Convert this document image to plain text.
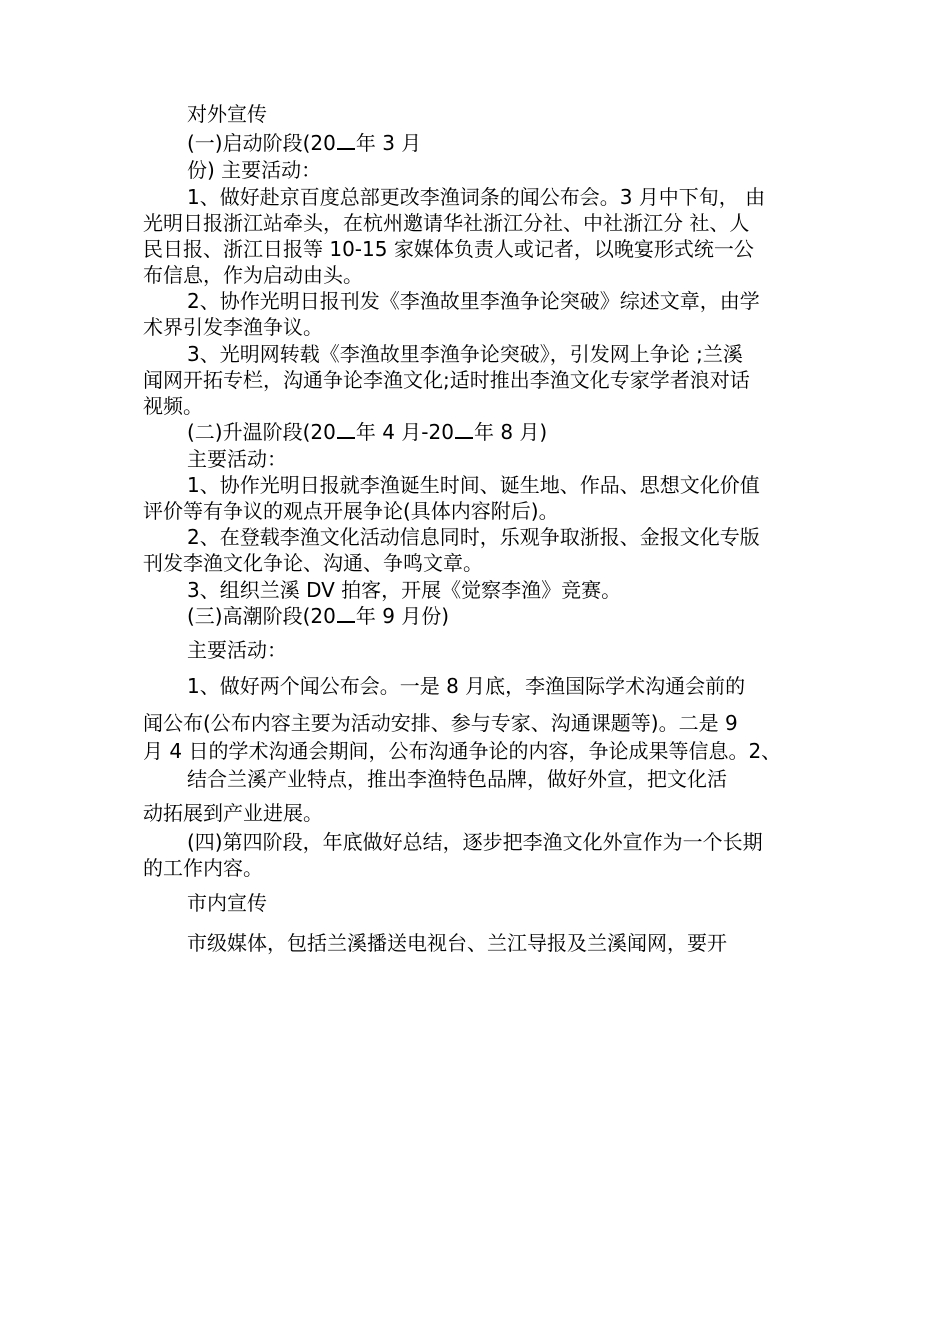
对外宣传
(一)启动阶段(20 年 3 月
份) 主要活动：
1、做好赴京百度总部更改李渔词条的闻公布会。3 月中下旬， 由
光明日报浙江站牵头，在杭州邀请华社浙江分社、中社浙江分 社、人
民日报、浙江日报等 10-15 家媒体负责人或记者，以晚宴形式统一公
布信息，作为启动由头。
2、协作光明日报刊发《李渔故里李渔争论突破》综述文章，由学
术界引发李渔争议。
3、光明网转载《李渔故里李渔争论突破》，引发网上争论 ;兰溪
闻网开拓专栏，沟通争论李渔文化;适时推出李渔文化专家学者浪对话
视频。
(二)升温阶段(20 年 4 月-20 年 8 月)
主要活动：
1、协作光明日报就李渔诞生时间、诞生地、作品、思想文化价值
评价等有争议的观点开展争论(具体内容附后)。
2、在登载李渔文化活动信息同时，乐观争取浙报、金报文化专版
刊发李渔文化争论、沟通、争鸣文章。
3、组织兰溪 DV 拍客，开展《觉察李渔》竞赛。
(三)高潮阶段(20 年 9 月份)
主要活动：
1、做好两个闻公布会。一是 8 月底，李渔国际学术沟通会前的
闻公布(公布内容主要为活动安排、参与专家、沟通课题等)。二是 9
月 4 日的学术沟通会期间，公布沟通争论的内容，争论成果等信息。2、
结合兰溪产业特点，推出李渔特色品牌，做好外宣，把文化活
动拓展到产业进展。
(四)第四阶段，年底做好总结，逐步把李渔文化外宣作为一个长期
的工作内容。
市内宣传
市级媒体，包括兰溪播送电视台、兰江导报及兰溪闻网，要开
